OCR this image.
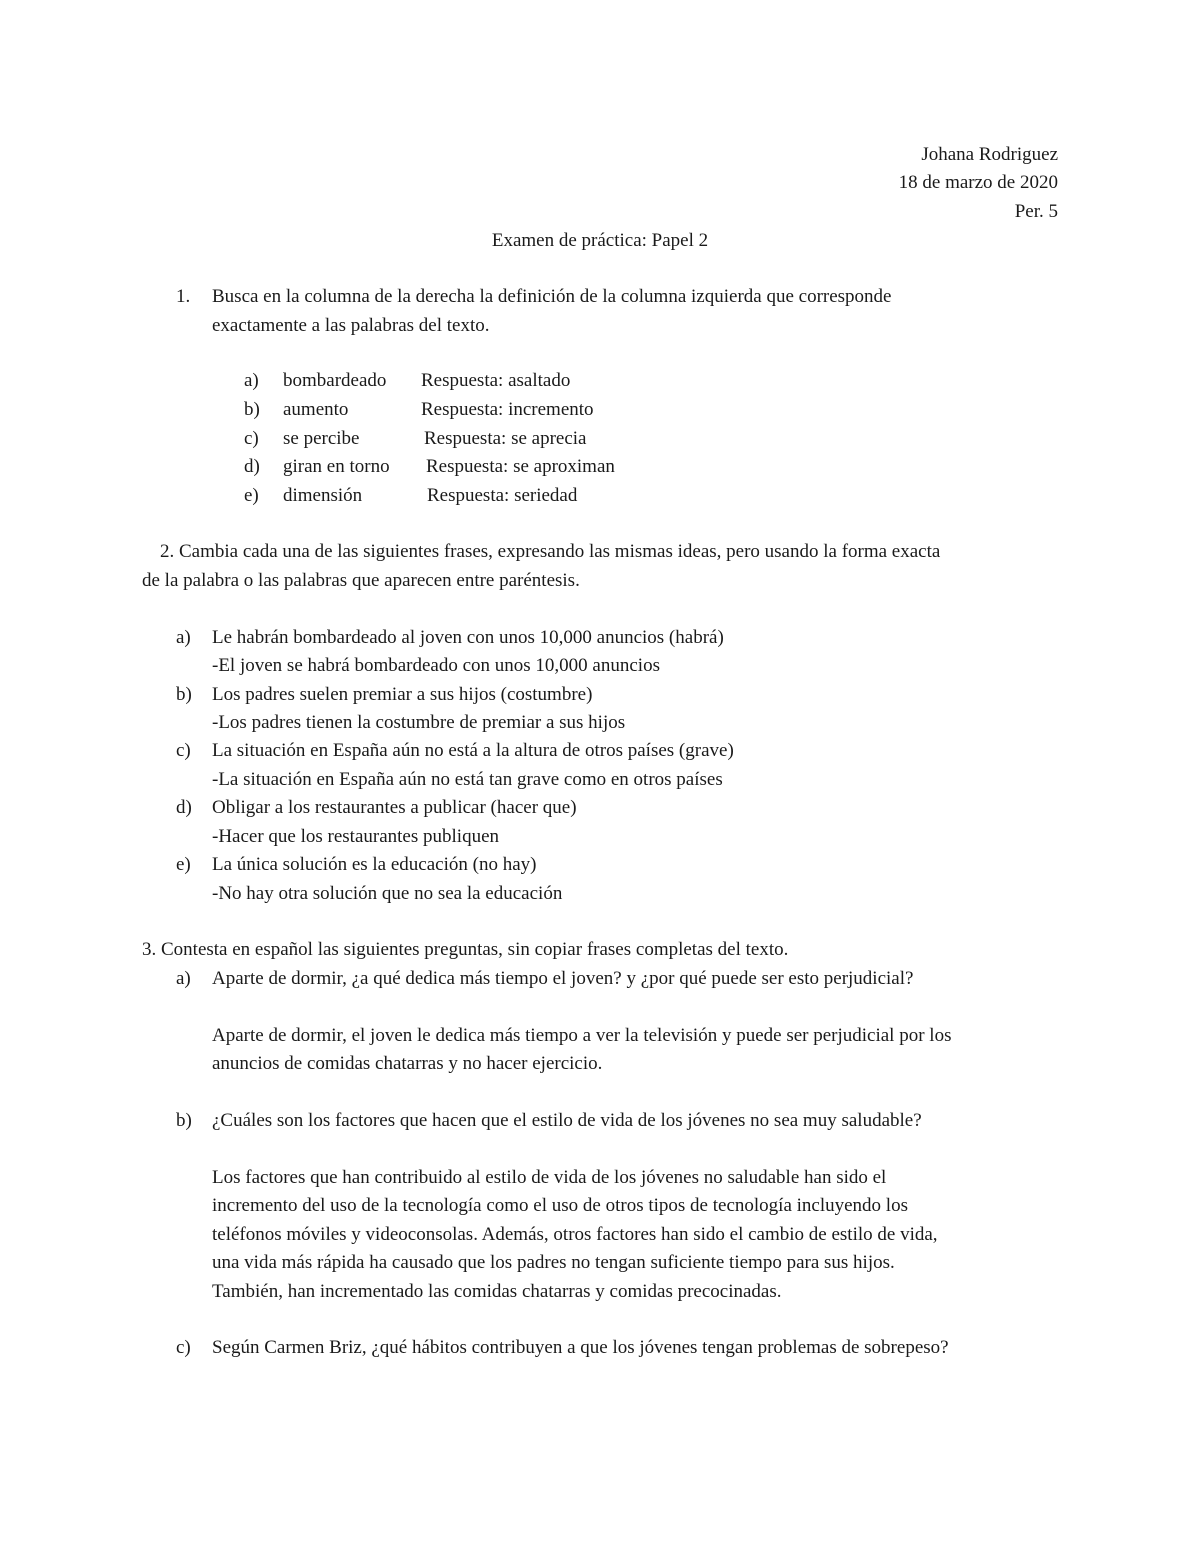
Johana Rodriguez
18 de marzo de 2020
Per. 5
Examen de práctica: Papel 2
1. Busca en la columna de la derecha la definición de la columna izquierda que corresponde
exactamente a las palabras del texto.
a) bombardeado Respuesta: asaltado
b) aumento	Respuesta: incremento
c) se percibe	Respuesta: se aprecia
d) giran en torno Respuesta: se aproximan
e) dimensión	Respuesta: seriedad
2. Cambia cada una de las siguientes frases, expresando las mismas ideas, pero usando la forma exacta
de la palabra o las palabras que aparecen entre paréntesis.
a) Le habrán bombardeado al joven con unos 10,000 anuncios (habrá)
-El joven se habrá bombardeado con unos 10,000 anuncios
b) Los padres suelen premiar a sus hijos (costumbre)
-Los padres tienen la costumbre de premiar a sus hijos
c) La situación en España aún no está a la altura de otros países (grave)
-La situación en España aún no está tan grave como en otros países
d) Obligar a los restaurantes a publicar (hacer que)
-Hacer que los restaurantes publiquen
e) La única solución es la educación (no hay)
-No hay otra solución que no sea la educación
3. Contesta en español las siguientes preguntas, sin copiar frases completas del texto.
a) Aparte de dormir, ¿a qué dedica más tiempo el joven? y ¿por qué puede ser esto perjudicial?
Aparte de dormir, el joven le dedica más tiempo a ver la televisión y puede ser perjudicial por los
anuncios de comidas chatarras y no hacer ejercicio.
b) ¿Cuáles son los factores que hacen que el estilo de vida de los jóvenes no sea muy saludable?
Los factores que han contribuido al estilo de vida de los jóvenes no saludable han sido el
incremento del uso de la tecnología como el uso de otros tipos de tecnología incluyendo los
teléfonos móviles y videoconsolas. Además, otros factores han sido el cambio de estilo de vida,
una vida más rápida ha causado que los padres no tengan suficiente tiempo para sus hijos.
También, han incrementado las comidas chatarras y comidas precocinadas.
c) Según Carmen Briz, ¿qué hábitos contribuyen a que los jóvenes tengan problemas de sobrepeso?
